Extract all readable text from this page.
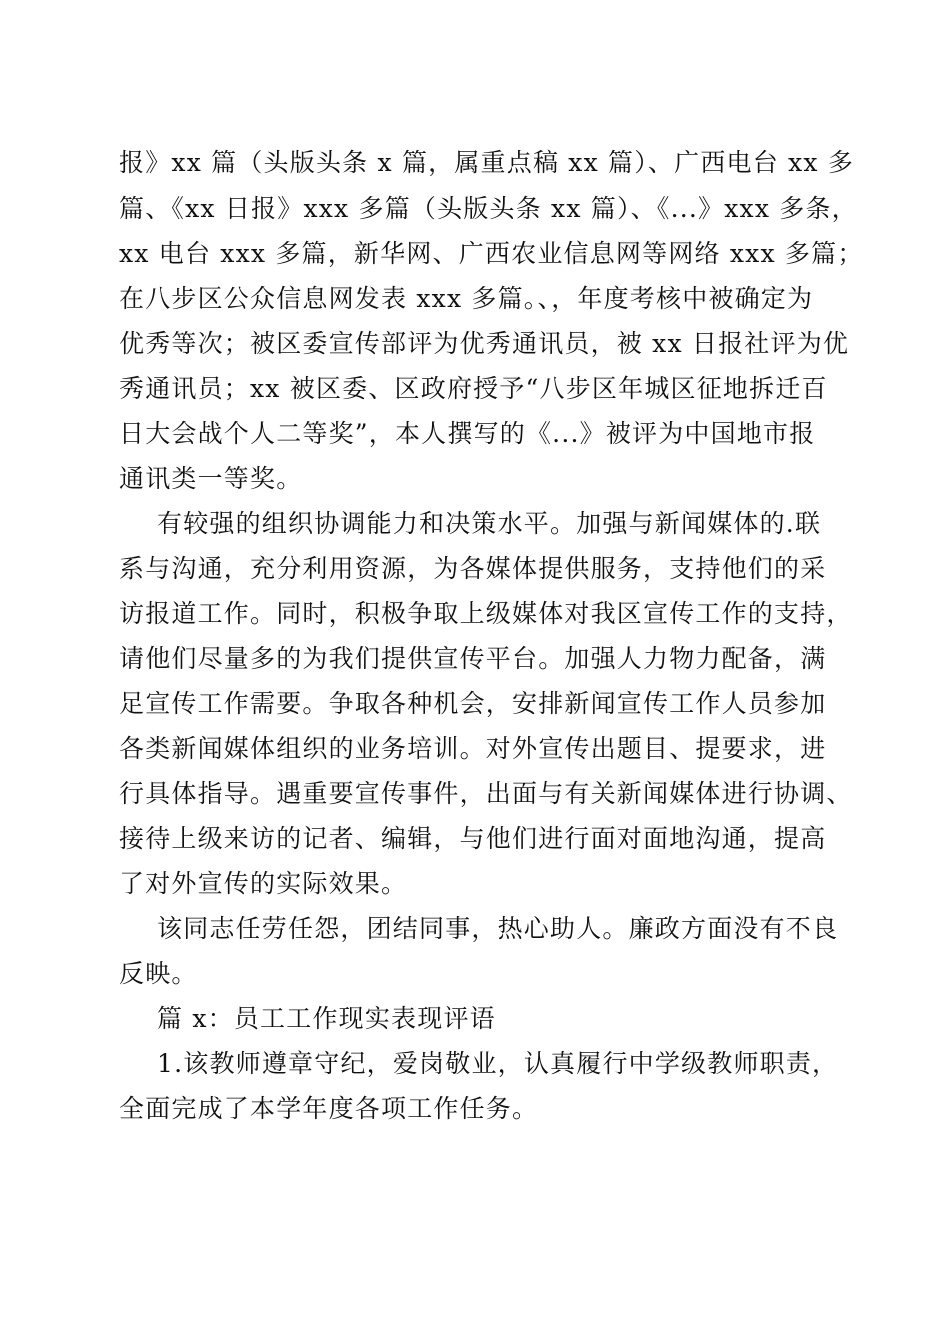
报》xx 篇（头版头条 x 篇，属重点稿 xx 篇）、广西电台 xx 多
篇、《xx 日报》xxx 多篇（头版头条 xx 篇）、《...》xxx 多条，
xx 电台 xxx 多篇，新华网、广西农业信息网等网络 xxx 多篇；
在八步区公众信息网发表 xxx 多篇。、，年度考核中被确定为
优秀等次；被区委宣传部评为优秀通讯员，被 xx 日报社评为优
秀通讯员；xx 被区委、区政府授予“八步区年城区征地拆迁百
日大会战个人二等奖”，本人撰写的《...》被评为中国地市报
通讯类一等奖。
有较强的组织协调能力和决策水平。加强与新闻媒体的.联
系与沟通，充分利用资源，为各媒体提供服务，支持他们的采
访报道工作。同时，积极争取上级媒体对我区宣传工作的支持，
请他们尽量多的为我们提供宣传平台。加强人力物力配备，满
足宣传工作需要。争取各种机会，安排新闻宣传工作人员参加
各类新闻媒体组织的业务培训。对外宣传出题目、提要求，进
行具体指导。遇重要宣传事件，出面与有关新闻媒体进行协调、
接待上级来访的记者、编辑，与他们进行面对面地沟通，提高
了对外宣传的实际效果。
该同志任劳任怨，团结同事，热心助人。廉政方面没有不良
反映。
篇 x：员工工作现实表现评语
1.该教师遵章守纪，爱岗敬业，认真履行中学级教师职责，
全面完成了本学年度各项工作任务。
